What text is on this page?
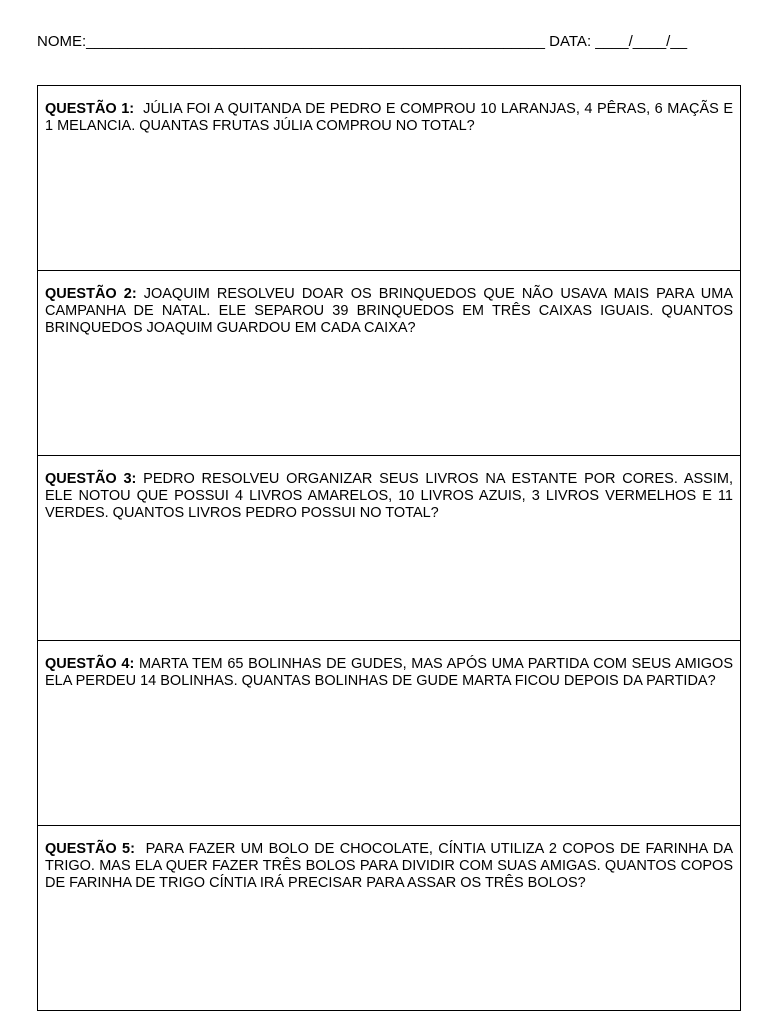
NOME:_______________________________________________________ DATA: ____/____/__
QUESTÃO 1:  JÚLIA FOI A QUITANDA DE PEDRO E COMPROU 10 LARANJAS, 4 PÊRAS, 6 MAÇÃS E 1 MELANCIA. QUANTAS FRUTAS JÚLIA COMPROU NO TOTAL?
QUESTÃO 2: JOAQUIM RESOLVEU DOAR OS BRINQUEDOS QUE NÃO USAVA MAIS PARA UMA CAMPANHA DE NATAL. ELE SEPAROU 39 BRINQUEDOS EM TRÊS CAIXAS IGUAIS. QUANTOS BRINQUEDOS JOAQUIM GUARDOU EM CADA CAIXA?
QUESTÃO 3: PEDRO RESOLVEU ORGANIZAR SEUS LIVROS NA ESTANTE POR CORES. ASSIM, ELE NOTOU QUE POSSUI 4 LIVROS AMARELOS, 10 LIVROS AZUIS, 3 LIVROS VERMELHOS E 11 VERDES. QUANTOS LIVROS PEDRO POSSUI NO TOTAL?
QUESTÃO 4: MARTA TEM 65 BOLINHAS DE GUDES, MAS APÓS UMA PARTIDA COM SEUS AMIGOS ELA PERDEU 14 BOLINHAS. QUANTAS BOLINHAS DE GUDE MARTA FICOU DEPOIS DA PARTIDA?
QUESTÃO 5:  PARA FAZER UM BOLO DE CHOCOLATE, CÍNTIA UTILIZA 2 COPOS DE FARINHA DA TRIGO. MAS ELA QUER FAZER TRÊS BOLOS PARA DIVIDIR COM SUAS AMIGAS. QUANTOS COPOS DE FARINHA DE TRIGO CÍNTIA IRÁ PRECISAR PARA ASSAR OS TRÊS BOLOS?
